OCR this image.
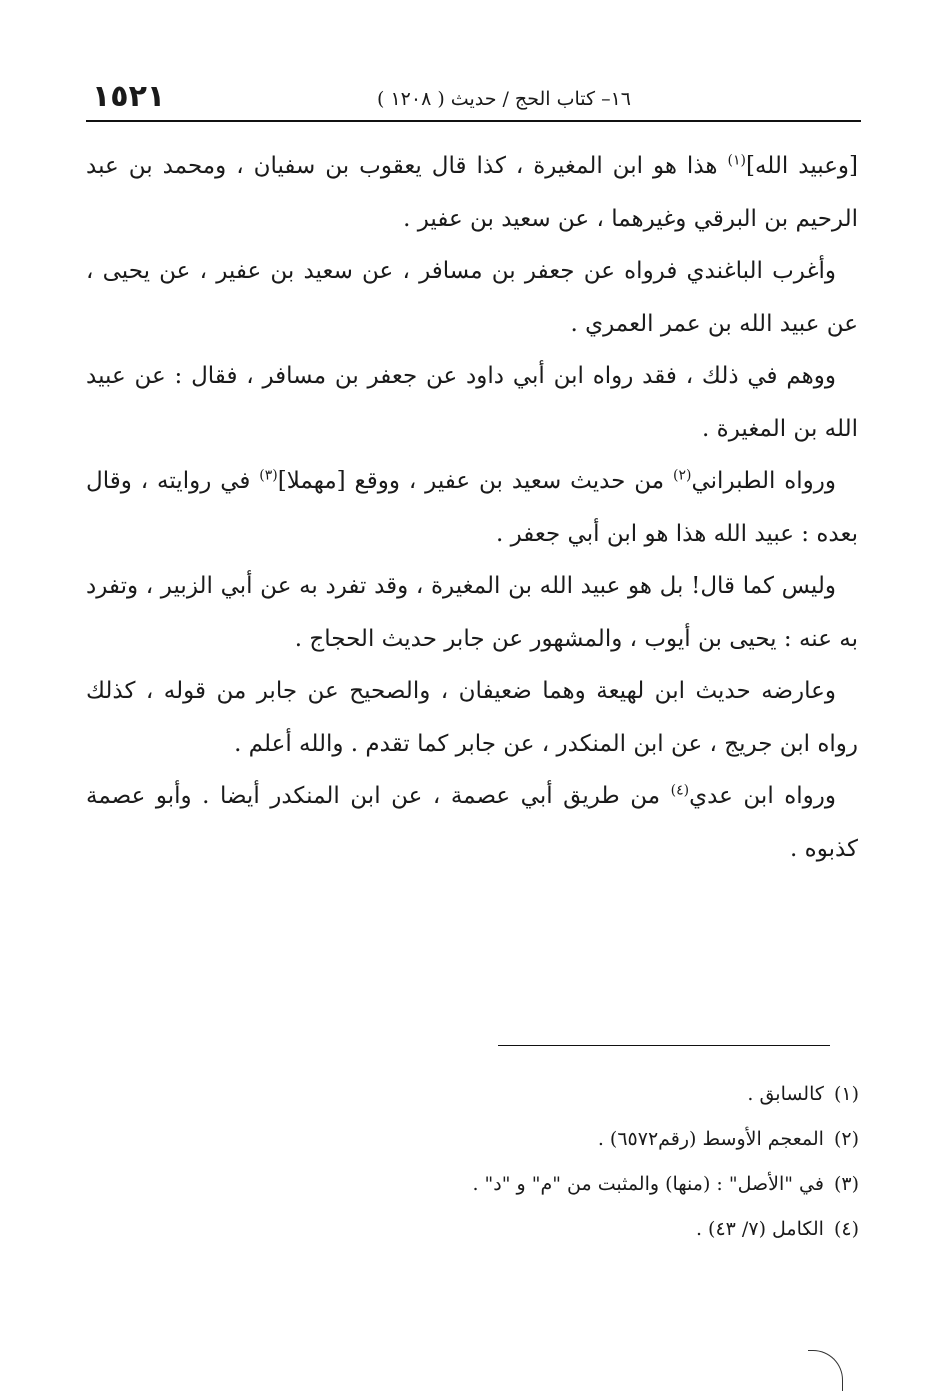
١٦– كتاب الحج / حديث ( ١٢٠٨ )
١٥٢١

[وعبيد الله]$^{(١)}$ هذا هو ابن المغيرة ، كذا قال يعقوب بن سفيان ، ومحمد بن عبد الرحيم بن البرقي وغيرهما ، عن سعيد بن عفير .

وأغرب الباغندي فرواه عن جعفر بن مسافر ، عن سعيد بن عفير ، عن يحيى ، عن عبيد الله بن عمر العمري .

ووهم في ذلك ، فقد رواه ابن أبي داود عن جعفر بن مسافر ، فقال : عن عبيد الله بن المغيرة .

ورواه الطبراني$^{(٢)}$ من حديث سعيد بن عفير ، ووقع [مهملا]$^{(٣)}$ في روايته ، وقال بعده : عبيد الله هذا هو ابن أبي جعفر .

وليس كما قال! بل هو عبيد الله بن المغيرة ، وقد تفرد به عن أبي الزبير ، وتفرد به عنه : يحيى بن أيوب ، والمشهور عن جابر حديث الحجاج .

وعارضه حديث ابن لهيعة وهما ضعيفان ، والصحيح عن جابر من قوله ، كذلك رواه ابن جريج ، عن ابن المنكدر ، عن جابر كما تقدم . والله أعلم .

ورواه ابن عدي$^{(٤)}$ من طريق أبي عصمة ، عن ابن المنكدر أيضا . وأبو عصمة كذبوه .

(١)كالسابق .
(٢)المعجم الأوسط (رقم٦٥٧٢) .
(٣)في "الأصل" : (منها) والمثبت من "م" و "د" .
(٤)الكامل (٧/ ٤٣) .
